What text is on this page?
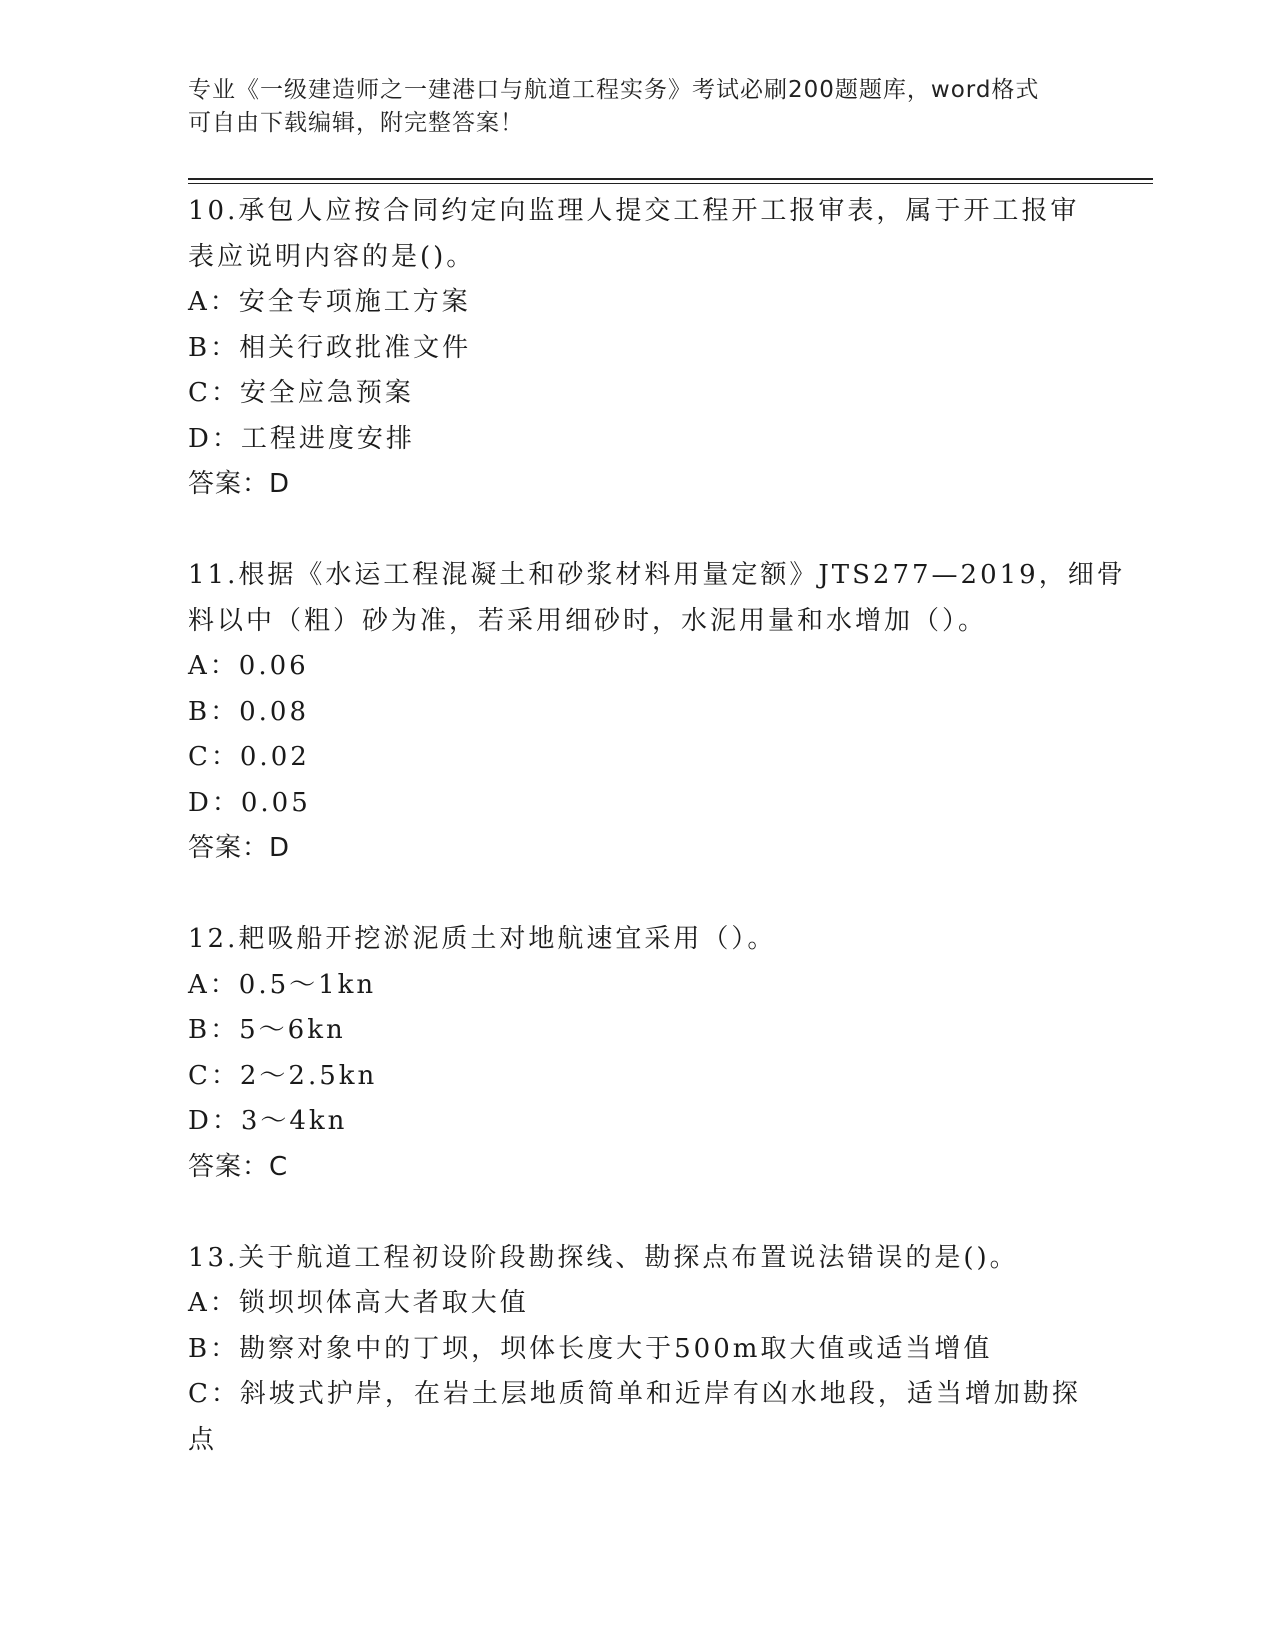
专业《一级建造师之一建港口与航道工程实务》考试必刷200题题库，word格式
可自由下载编辑，附完整答案！
10.承包人应按合同约定向监理人提交工程开工报审表，属于开工报审
表应说明内容的是()。
A：安全专项施工方案
B：相关行政批准文件
C：安全应急预案
D：工程进度安排
答案：D
11.根据《水运工程混凝土和砂浆材料用量定额》JTS277—2019，细骨
料以中（粗）砂为准，若采用细砂时，水泥用量和水增加（）。
A：0.06
B：0.08
C：0.02
D：0.05
答案：D
12.耙吸船开挖淤泥质土对地航速宜采用（）。
A：0.5～1kn
B：5～6kn
C：2～2.5kn
D：3～4kn
答案：C
13.关于航道工程初设阶段勘探线、勘探点布置说法错误的是()。
A：锁坝坝体高大者取大值
B：勘察对象中的丁坝，坝体长度大于500m取大值或适当增值
C：斜坡式护岸，在岩土层地质简单和近岸有凶水地段，适当增加勘探
点
